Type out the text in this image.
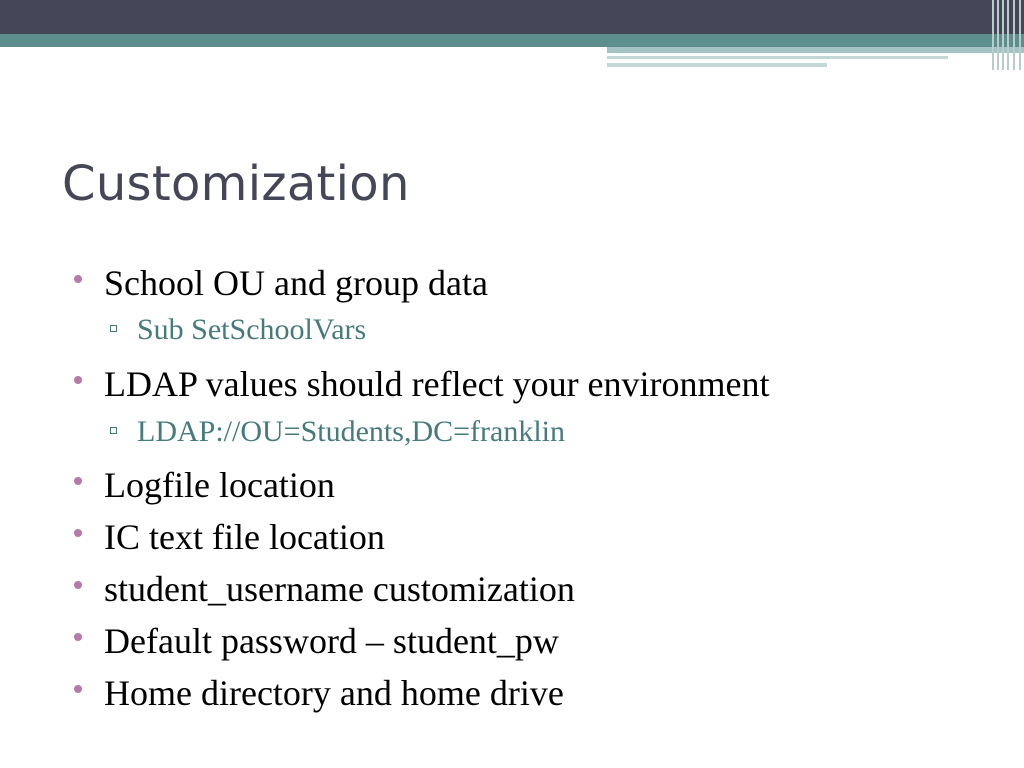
Customization
School OU and group data
Sub SetSchoolVars
LDAP values should reflect your environment
LDAP://OU=Students,DC=franklin
Logfile location
IC text file location
student_username customization
Default password – student_pw
Home directory and home drive
